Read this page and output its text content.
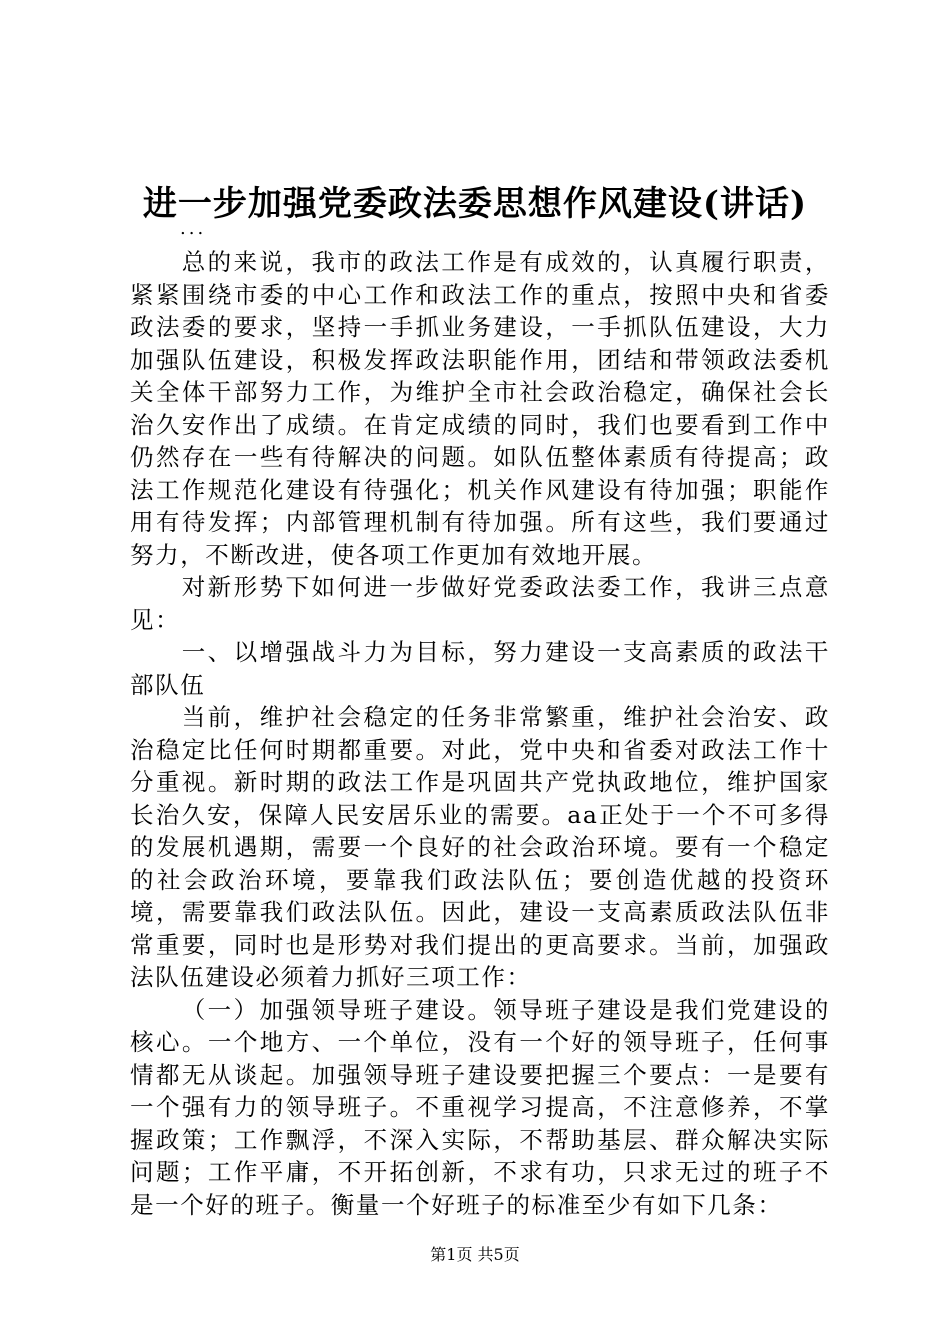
进一步加强党委政法委思想作风建设(讲话)
...

总的来说，我市的政法工作是有成效的，认真履行职责，紧紧围绕市委的中心工作和政法工作的重点，按照中央和省委政法委的要求，坚持一手抓业务建设，一手抓队伍建设，大力加强队伍建设，积极发挥政法职能作用，团结和带领政法委机关全体干部努力工作，为维护全市社会政治稳定，确保社会长治久安作出了成绩。在肯定成绩的同时，我们也要看到工作中仍然存在一些有待解决的问题。如队伍整体素质有待提高；政法工作规范化建设有待强化；机关作风建设有待加强；职能作用有待发挥；内部管理机制有待加强。所有这些，我们要通过努力，不断改进，使各项工作更加有效地开展。

对新形势下如何进一步做好党委政法委工作，我讲三点意见：

一、以增强战斗力为目标，努力建设一支高素质的政法干部队伍

当前，维护社会稳定的任务非常繁重，维护社会治安、政治稳定比任何时期都重要。对此，党中央和省委对政法工作十分重视。新时期的政法工作是巩固共产党执政地位，维护国家长治久安，保障人民安居乐业的需要。aa正处于一个不可多得的发展机遇期，需要一个良好的社会政治环境。要有一个稳定的社会政治环境，要靠我们政法队伍；要创造优越的投资环境，需要靠我们政法队伍。因此，建设一支高素质政法队伍非常重要，同时也是形势对我们提出的更高要求。当前，加强政法队伍建设必须着力抓好三项工作：

（一）加强领导班子建设。领导班子建设是我们党建设的核心。一个地方、一个单位，没有一个好的领导班子，任何事情都无从谈起。加强领导班子建设要把握三个要点：一是要有一个强有力的领导班子。不重视学习提高，不注意修养，不掌握政策；工作飘浮，不深入实际，不帮助基层、群众解决实际问题；工作平庸，不开拓创新，不求有功，只求无过的班子不是一个好的班子。衡量一个好班子的标准至少有如下几条：

第1页 共5页
